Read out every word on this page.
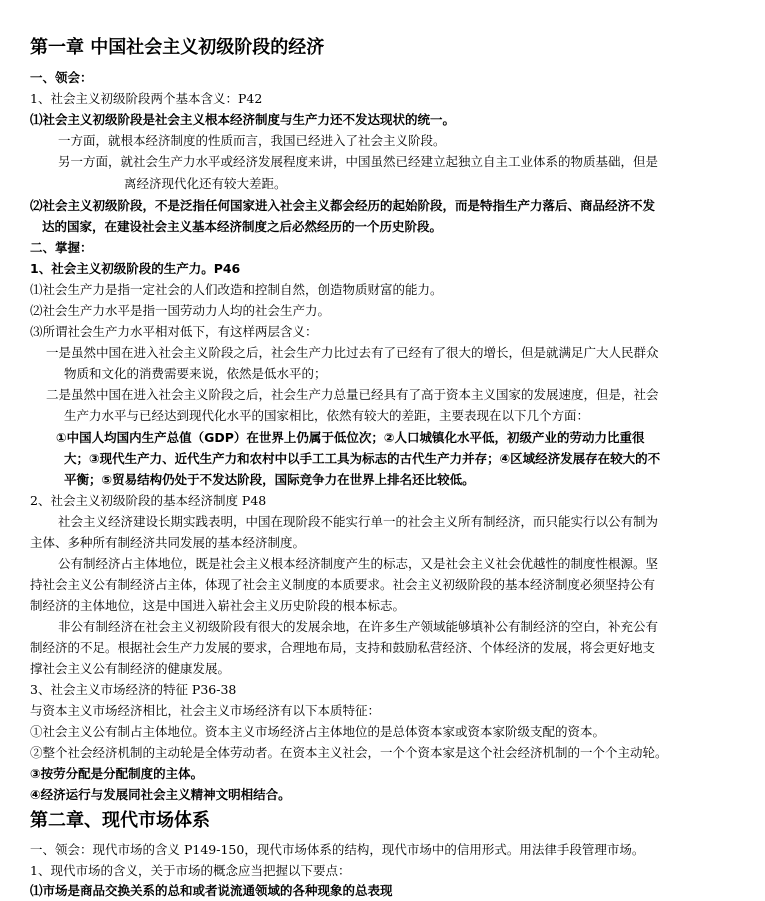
第一章 中国社会主义初级阶段的经济
一、领会：
1、社会主义初级阶段两个基本含义：P42
⑴社会主义初级阶段是社会主义根本经济制度与生产力还不发达现状的统一。
一方面，就根本经济制度的性质而言，我国已经进入了社会主义阶段。
另一方面，就社会生产力水平或经济发展程度来讲，中国虽然已经建立起独立自主工业体系的物质基础，但是
离经济现代化还有较大差距。
⑵社会主义初级阶段，不是泛指任何国家进入社会主义都会经历的起始阶段，而是特指生产力落后、商品经济不发
达的国家，在建设社会主义基本经济制度之后必然经历的一个历史阶段。
二、掌握：
1、社会主义初级阶段的生产力。P46
⑴社会生产力是指一定社会的人们改造和控制自然，创造物质财富的能力。
⑵社会生产力水平是指一国劳动力人均的社会生产力。
⑶所谓社会生产力水平相对低下，有这样两层含义：
一是虽然中国在进入社会主义阶段之后，社会生产力比过去有了已经有了很大的增长，但是就满足广大人民群众
物质和文化的消费需要来说，依然是低水平的；
二是虽然中国在进入社会主义阶段之后，社会生产力总量已经具有了高于资本主义国家的发展速度，但是，社会
生产力水平与已经达到现代化水平的国家相比，依然有较大的差距，主要表现在以下几个方面：
①中国人均国内生产总值（GDP）在世界上仍属于低位次；②人口城镇化水平低，初级产业的劳动力比重很
大；③现代生产力、近代生产力和农村中以手工工具为标志的古代生产力并存；④区域经济发展存在较大的不
平衡；⑤贸易结构仍处于不发达阶段，国际竞争力在世界上排名还比较低。
2、社会主义初级阶段的基本经济制度 P48
社会主义经济建设长期实践表明，中国在现阶段不能实行单一的社会主义所有制经济，而只能实行以公有制为
主体、多种所有制经济共同发展的基本经济制度。
公有制经济占主体地位，既是社会主义根本经济制度产生的标志，又是社会主义社会优越性的制度性根源。坚
持社会主义公有制经济占主体，体现了社会主义制度的本质要求。社会主义初级阶段的基本经济制度必须坚持公有
制经济的主体地位，这是中国进入崭社会主义历史阶段的根本标志。
非公有制经济在社会主义初级阶段有很大的发展余地，在许多生产领域能够填补公有制经济的空白，补充公有
制经济的不足。根据社会生产力发展的要求，合理地布局，支持和鼓励私营经济、个体经济的发展，将会更好地支
撑社会主义公有制经济的健康发展。
3、社会主义市场经济的特征 P36-38
与资本主义市场经济相比，社会主义市场经济有以下本质特征：
①社会主义公有制占主体地位。资本主义市场经济占主体地位的是总体资本家或资本家阶级支配的资本。
②整个社会经济机制的主动轮是全体劳动者。在资本主义社会，一个个资本家是这个社会经济机制的一个个主动轮。
③按劳分配是分配制度的主体。
④经济运行与发展同社会主义精神文明相结合。
第二章、现代市场体系
一、领会：现代市场的含义 P149-150，现代市场体系的结构，现代市场中的信用形式。用法律手段管理市场。
1、现代市场的含义，关于市场的概念应当把握以下要点：
⑴市场是商品交换关系的总和或者说流通领域的各种现象的总表现
